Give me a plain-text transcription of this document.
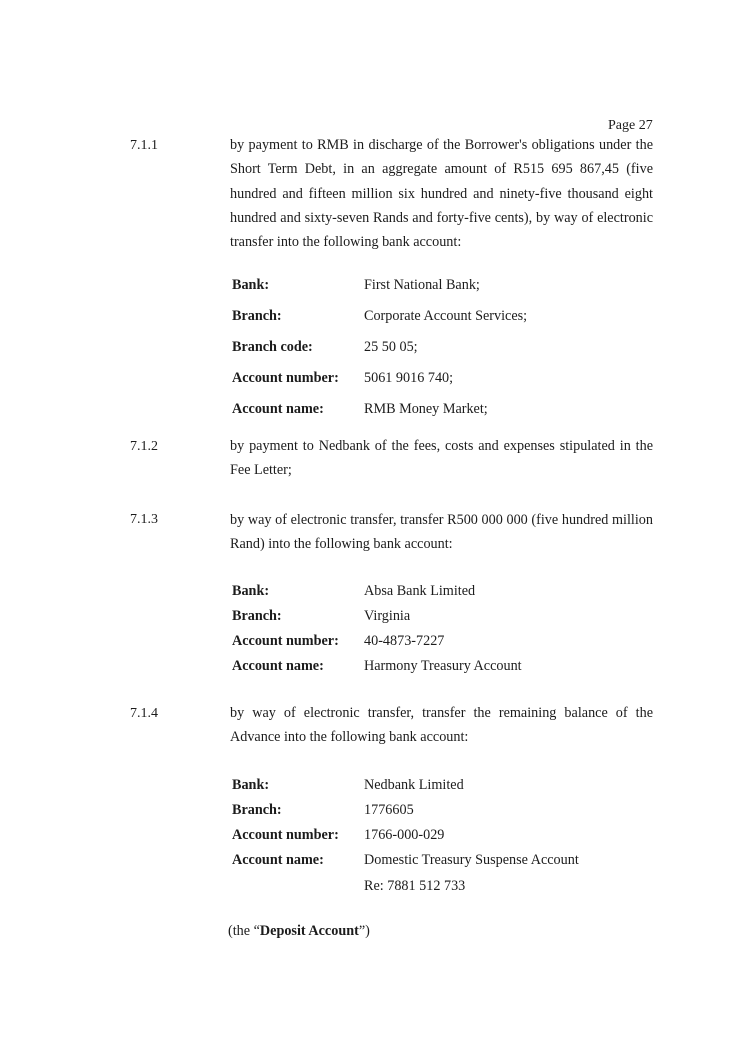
Page 27
7.1.1	by payment to RMB in discharge of the Borrower's obligations under the
Short Term Debt, in an aggregate amount of R515 695 867,45 (five
hundred and fifteen million six hundred and ninety-five thousand eight
hundred and sixty-seven Rands and forty-five cents), by way of electronic
transfer into the following bank account:

Bank:	First National Bank;
Branch:	Corporate Account Services;
Branch code:	25 50 05;
Account number: 5061 9016 740;
Account name:	RMB Money Market;
7.1.2	by payment to Nedbank of the fees, costs and expenses stipulated in the
Fee Letter;

7.1.3	by way of electronic transfer, transfer R500 000 000 (five hundred million
Rand) into the following bank account:

Bank:	Absa Bank Limited
Branch:	Virginia
Account number: 40-4873-7227
Account name:	Harmony Treasury Account
7.1.4	by way of electronic transfer, transfer the remaining balance of the
Advance into the following bank account:

Bank:	Nedbank Limited
Branch:	1776605
Account number: 1766-000-029
Account name:	Domestic Treasury Suspense Account
Re: 7881 512 733
(the “Deposit Account”)
